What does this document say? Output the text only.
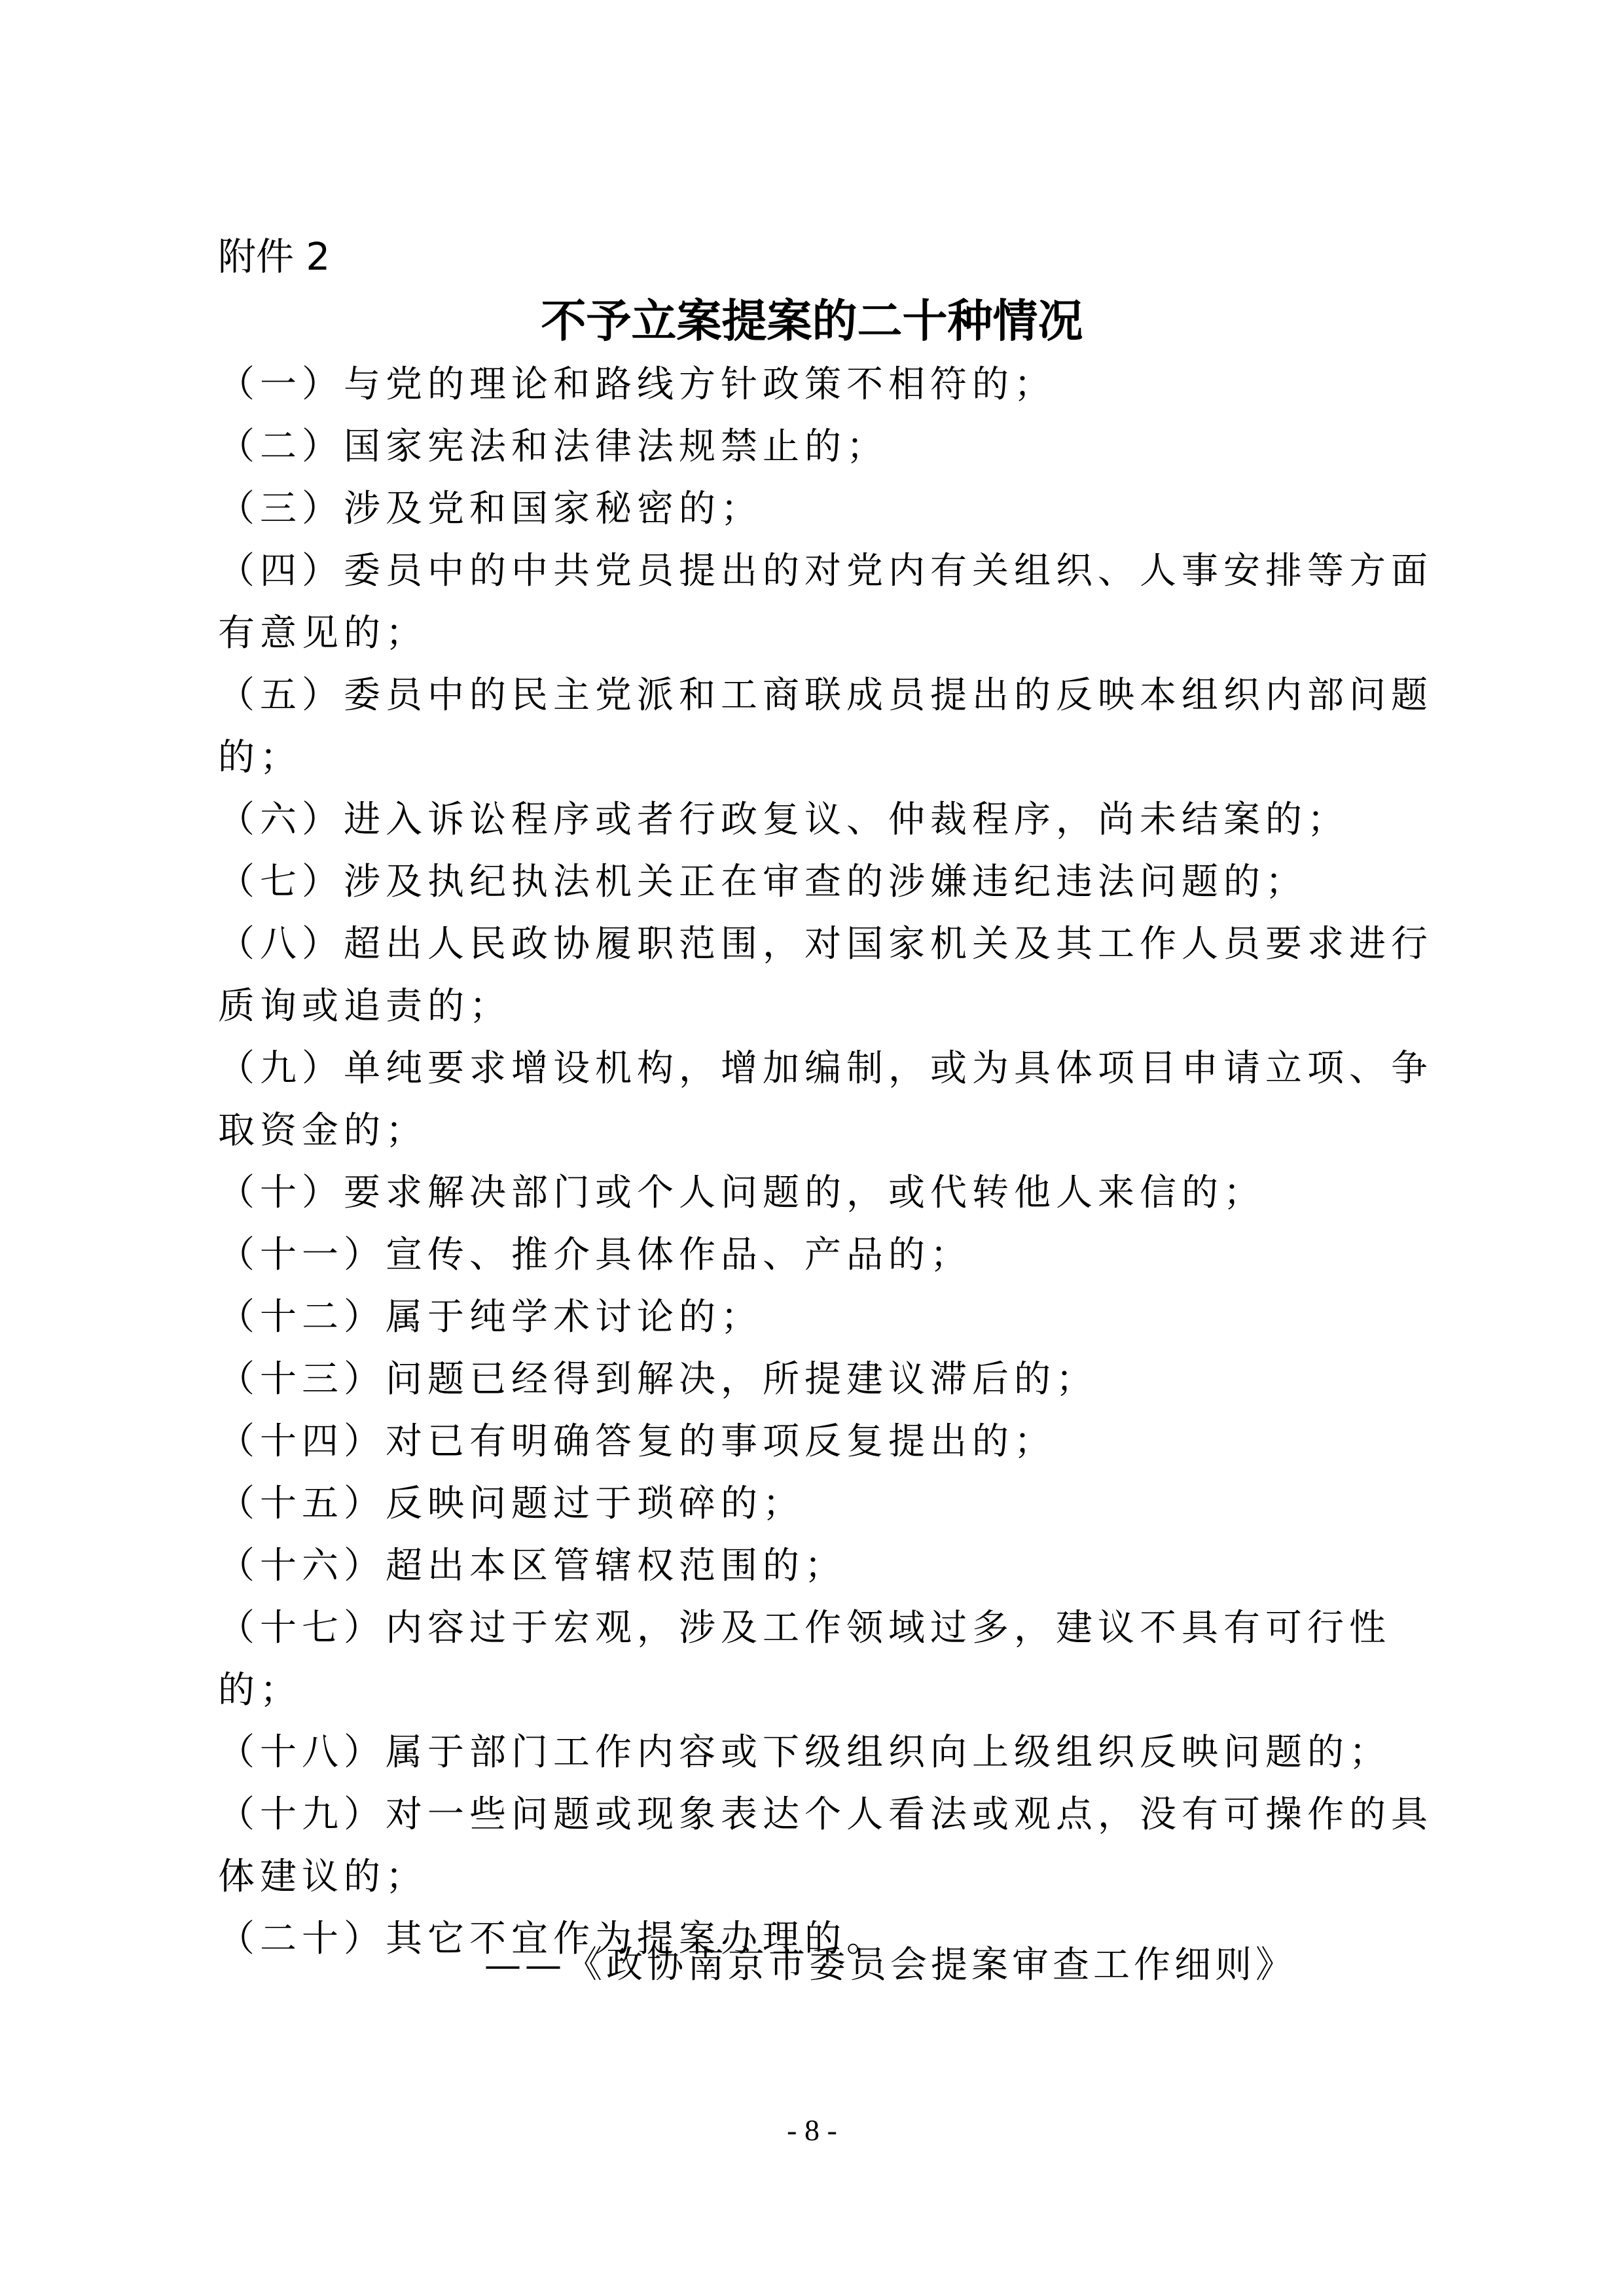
附件 2

不予立案提案的二十种情况
（一）与党的理论和路线方针政策不相符的；
（二）国家宪法和法律法规禁止的；
（三）涉及党和国家秘密的；
（四）委员中的中共党员提出的对党内有关组织、人事安排等方面有意见的；
（五）委员中的民主党派和工商联成员提出的反映本组织内部问题的；
（六）进入诉讼程序或者行政复议、仲裁程序，尚未结案的；
（七）涉及执纪执法机关正在审查的涉嫌违纪违法问题的；
（八）超出人民政协履职范围，对国家机关及其工作人员要求进行质询或追责的；
（九）单纯要求增设机构，增加编制，或为具体项目申请立项、争取资金的；
（十）要求解决部门或个人问题的，或代转他人来信的；
（十一）宣传、推介具体作品、产品的；
（十二）属于纯学术讨论的；
（十三）问题已经得到解决，所提建议滞后的；
（十四）对已有明确答复的事项反复提出的；
（十五）反映问题过于琐碎的；
（十六）超出本区管辖权范围的；
（十七）内容过于宏观，涉及工作领域过多，建议不具有可行性的；
（十八）属于部门工作内容或下级组织向上级组织反映问题的；
（十九）对一些问题或现象表达个人看法或观点，没有可操作的具体建议的；
（二十）其它不宜作为提案办理的。

——《政协南京市委员会提案审查工作细则》

- 8 -
